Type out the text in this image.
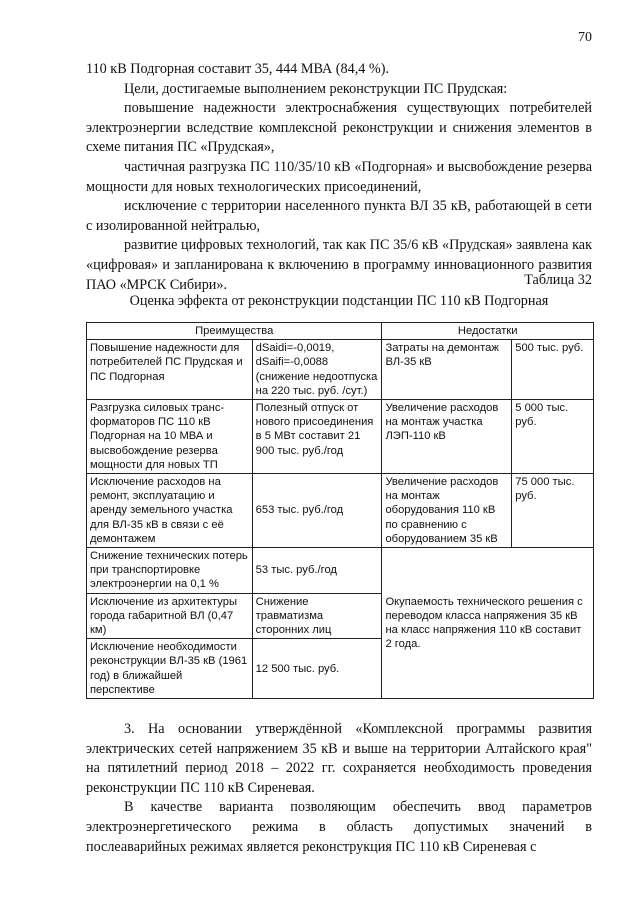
70

110 кВ Подгорная составит 35, 444 МВА (84,4 %).

Цели, достигаемые выполнением реконструкции ПС Прудская:

повышение надежности электроснабжения существующих потребителей электроэнергии вследствие комплексной реконструкции и снижения элементов в схеме питания ПС «Прудская»,

частичная разгрузка ПС 110/35/10 кВ «Подгорная» и высвобождение резерва мощности для новых технологических присоединений,

исключение с территории населенного пункта ВЛ 35 кВ, работающей в сети с изолированной нейтралью,

развитие цифровых технологий, так как ПС 35/6 кВ «Прудская» заявлена как «цифровая» и запланирована к включению в программу инновационного развития ПАО «МРСК Сибири».	Таблица 32
Оценка эффекта от реконструкции подстанции ПС 110 кВ Подгорная
Преимущества		Недостатки	
Повышение надежности для потребителей ПС Прудская и ПС Подгорная	dSaidi=-0,0019, dSaifi=-0,0088 (снижение недоотпуска на 220 тыс. руб. /сут.)	Затраты на демонтаж ВЛ-35 кВ	500 тыс. руб.
Разгрузка силовых транс-форматоров ПС 110 кВ Подгорная на 10 МВА и высвобождение резерва мощности для новых ТП	Полезный отпуск от нового присоединения в 5 МВт составит 21 900 тыс. руб./год	Увеличение расходов на монтаж участка ЛЭП-110 кВ	5 000 тыс. руб.
Исключение расходов на ремонт, эксплуатацию и аренду земельного участка для ВЛ-35 кВ в связи с её демонтажем	653 тыс. руб./год	Увеличение расходов на монтаж оборудования 110 кВ по сравнению с оборудованием 35 кВ	75 000 тыс. руб.
Снижение технических потерь при транспортировке электроэнергии на 0,1 %	53 тыс. руб./год	Окупаемость технического решения с переводом класса напряжения 35 кВ на класс напряжения 110 кВ составит 2 года.	
Исключение из архитектуры города габаритной ВЛ (0,47 км)	Снижение травматизма сторонних лиц		
Исключение необходимости реконструкции ВЛ-35 кВ (1961 год) в ближайшей перспективе	12 500 тыс. руб.		

3. На основании утверждённой «Комплексной программы развития электрических сетей напряжением 35 кВ и выше на территории Алтайского края" на пятилетний период 2018 – 2022 гг. сохраняется необходимость проведения реконструкции ПС 110 кВ Сиреневая.

В качестве варианта позволяющим обеспечить ввод параметров электроэнергетического режима в область допустимых значений в послеаварийных режимах является реконструкция ПС 110 кВ Сиреневая с
